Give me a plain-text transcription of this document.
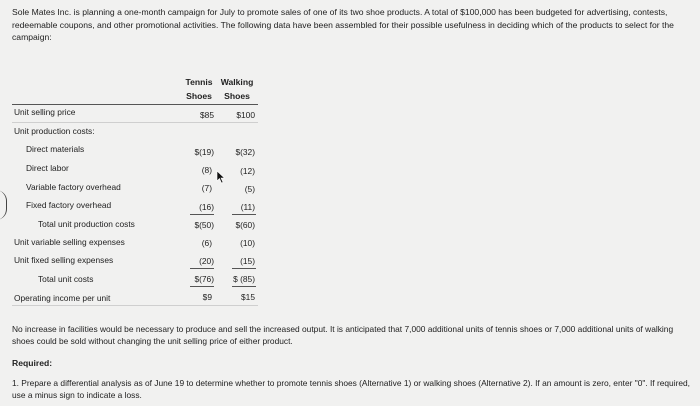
Sole Mates Inc. is planning a one-month campaign for July to promote sales of one of its two shoe products. A total of $100,000 has been budgeted for advertising, contests, redeemable coupons, and other promotional activities. The following data have been assembled for their possible usefulness in deciding which of the products to select for the campaign:
Tennis
Shoes
Walking
Shoes
Unit selling price	$85	$100
Unit production costs:
Direct materials	$(19)	$(32)
Direct labor	(8)	(12)
Variable factory overhead	(7)	(5)
Fixed factory overhead	(16)	(11)
Total unit production costs	$(50)	$(60)
Unit variable selling expenses	(6)	(10)
Unit fixed selling expenses	(20)	(15)
Total unit costs	$(76)	$ (85)
Operating income per unit	$9	$15
No increase in facilities would be necessary to produce and sell the increased output. It is anticipated that 7,000 additional units of tennis shoes or 7,000 additional units of walking shoes could be sold without changing the unit selling price of either product.
Required:
1. Prepare a differential analysis as of June 19 to determine whether to promote tennis shoes (Alternative 1) or walking shoes (Alternative 2). If an amount is zero, enter "0". If required, use a minus sign to indicate a loss.
